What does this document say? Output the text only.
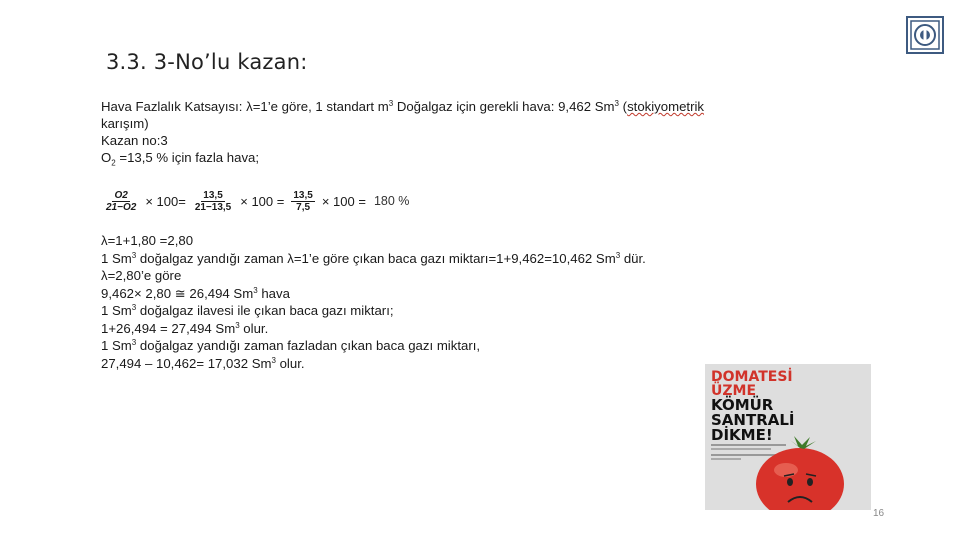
3.3. 3-No’lu kazan:
Hava Fazlalık Katsayısı: λ=1’e göre, 1 standart $m^3$ Doğalgaz için gerekli hava: 9,462 Sm$^3$ (stokiyometrik
karışım)
Kazan no:3
$O_2 =13,5$ % için fazla hava;
$\frac{O2}{21-O2} \times 100= \frac{13,5}{21-13,5} \times 100 = \frac{13,5}{7,5} \times 100 = 180$ %
λ=1+1,80 =2,80
1 Sm$^3$ doğalgaz yandığı zaman λ=1’e göre çıkan baca gazı miktarı=1+9,462=10,462 Sm$^3$ dür.
λ=2,80’e göre
9,462× 2,80 ≅ 26,494 Sm$^3$ hava
1 Sm$^3$ doğalgaz ilavesi ile çıkan baca gazı miktarı;
1+26,494 = 27,494 Sm$^3$ olur.
1 Sm$^3$ doğalgaz yandığı zaman fazladan çıkan baca gazı miktarı,
27,494 – 10,462= 17,032 Sm$^3$ olur.
DOMATESİ
ÜZME
KÖMÜR
SANTRALİ
DİKME!
16
